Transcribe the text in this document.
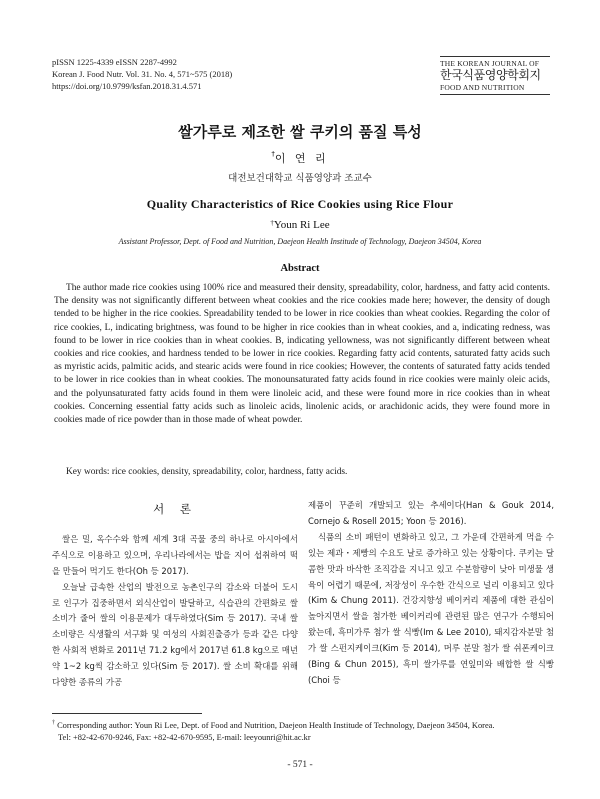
pISSN 1225-4339 eISSN 2287-4992
Korean J. Food Nutr. Vol. 31. No. 4, 571~575 (2018)
https://doi.org/10.9799/ksfan.2018.31.4.571
THE KOREAN JOURNAL OF
한국식품영양학회지
FOOD AND NUTRITION
쌀가루로 제조한 쌀 쿠키의 품질 특성
†이 연 리
대전보건대학교 식품영양과 조교수
Quality Characteristics of Rice Cookies using Rice Flour
†Youn Ri Lee
Assistant Professor, Dept. of Food and Nutrition, Daejeon Health Institude of Technology, Daejeon 34504, Korea
Abstract
The author made rice cookies using 100% rice and measured their density, spreadability, color, hardness, and fatty acid contents. The density was not significantly different between wheat cookies and the rice cookies made here; however, the density of dough tended to be higher in the rice cookies. Spreadability tended to be lower in rice cookies than wheat cookies. Regarding the color of rice cookies, L, indicating brightness, was found to be higher in rice cookies than in wheat cookies, and a, indicating redness, was found to be lower in rice cookies than in wheat cookies. B, indicating yellowness, was not significantly different between wheat cookies and rice cookies, and hardness tended to be lower in rice cookies. Regarding fatty acid contents, saturated fatty acids such as myristic acids, palmitic acids, and stearic acids were found in rice cookies; However, the contents of saturated fatty acids tended to be lower in rice cookies than in wheat cookies. The monounsaturated fatty acids found in rice cookies were mainly oleic acids, and the polyunsaturated fatty acids found in them were linoleic acid, and these were found more in rice cookies than in wheat cookies. Concerning essential fatty acids such as linoleic acids, linolenic acids, or arachidonic acids, they were found more in cookies made of rice powder than in those made of wheat powder.
Key words: rice cookies, density, spreadability, color, hardness, fatty acids.
서 론

쌀은 밀, 옥수수와 함께 세계 3대 곡물 중의 하나로 아시아에서 주식으로 이용하고 있으며, 우리나라에서는 밥을 지어 섭취하여 떡을 만들어 먹기도 한다(Oh 등 2017).

오늘날 급속한 산업의 발전으로 농촌인구의 감소와 더불어 도시로 인구가 집중하면서 외식산업이 발달하고, 식습관의 간편화로 쌀 소비가 줄어 쌀의 이용문제가 대두하였다(Sim 등 2017). 국내 쌀 소비량은 식생활의 서구화 및 여성의 사회진출증가 등과 같은 다양한 사회적 변화로 2011년 71.2 kg에서 2017년 61.8 kg으로 매년 약 1~2 kg씩 감소하고 있다(Sim 등 2017). 쌀 소비 확대를 위해 다양한 종류의 가공

제품이 꾸준히 개발되고 있는 추세이다(Han & Gouk 2014, Cornejo & Rosell 2015; Yoon 등 2016).

식품의 소비 패턴이 변화하고 있고, 그 가운데 간편하게 먹을 수 있는 제과・제빵의 수요도 날로 증가하고 있는 상황이다. 쿠키는 달콤한 맛과 바삭한 조직감을 지니고 있고 수분함량이 낮아 미생물 생육이 어렵기 때문에, 저장성이 우수한 간식으로 널리 이용되고 있다(Kim & Chung 2011). 건강지향성 베이커리 제품에 대한 관심이 높아지면서 쌀을 첨가한 베이커리에 관련된 많은 연구가 수행되어 왔는데, 흑미가루 첨가 쌀 식빵(Im & Lee 2010), 돼지감자분말 첨가 쌀 스펀지케이크(Kim 등 2014), 머루 분말 첨가 쌀 쉬폰케이크(Bing & Chun 2015), 흑미 쌀가루를 연잎미와 배합한 쌀 식빵(Choi 등

† Corresponding author: Youn Ri Lee, Dept. of Food and Nutrition, Daejeon Health Institude of Technology, Daejeon 34504, Korea.
Tel: +82-42-670-9246, Fax: +82-42-670-9595, E-mail: leeyounri@hit.ac.kr
- 571 -
